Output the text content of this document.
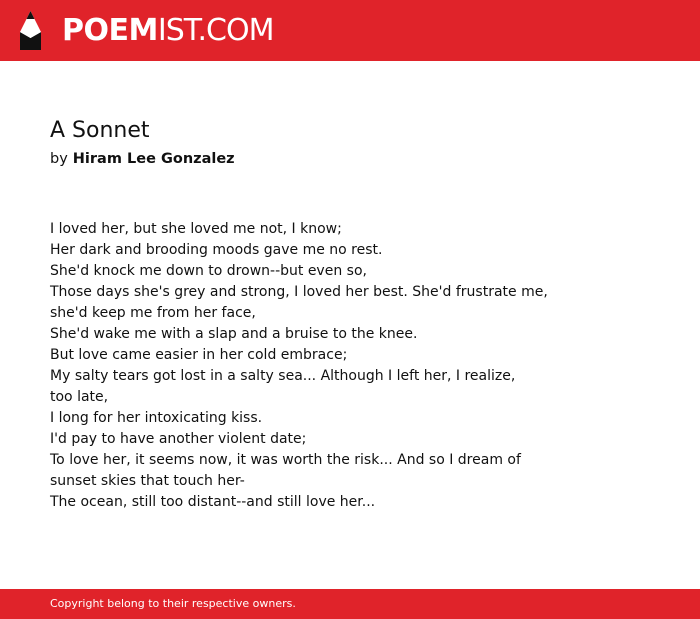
POEMIST.COM
A Sonnet
by Hiram Lee Gonzalez
I loved her, but she loved me not, I know;
Her dark and brooding moods gave me no rest.
She'd knock me down to drown--but even so,
Those days she's grey and strong, I loved her best. She'd frustrate me,
she'd keep me from her face,
She'd wake me with a slap and a bruise to the knee.
But love came easier in her cold embrace;
My salty tears got lost in a salty sea... Although I left her, I realize,
too late,
I long for her intoxicating kiss.
I'd pay to have another violent date;
To love her, it seems now, it was worth the risk... And so I dream of
sunset skies that touch her-
The ocean, still too distant--and still love her...
Copyright belong to their respective owners.
